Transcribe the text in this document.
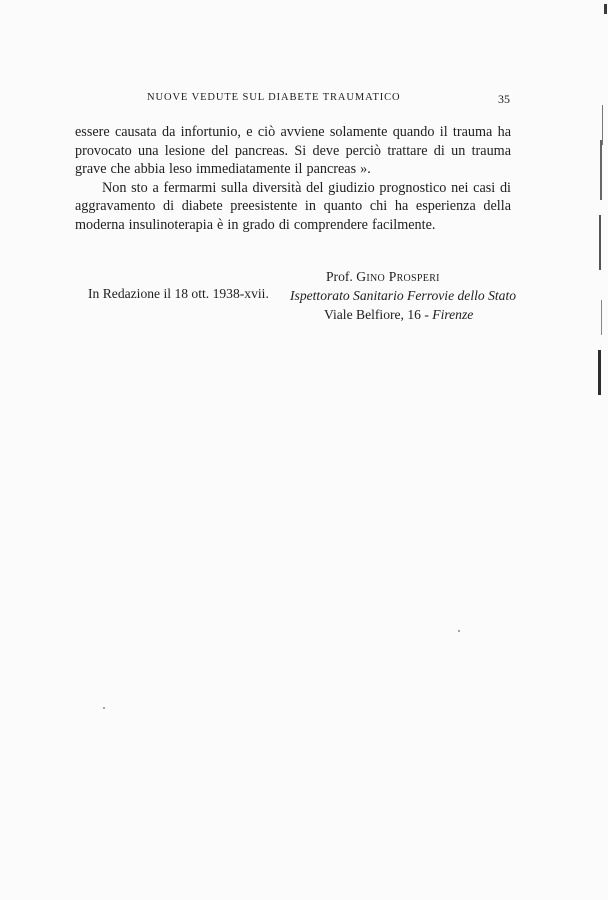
NUOVE VEDUTE SUL DIABETE TRAUMATICO	35

essere causata da infortunio, e ciò avviene solamente quando il trauma ha provocato una lesione del pancreas. Si deve perciò trattare di un trauma grave che abbia leso immediatamente il pancreas ».

Non sto a fermarmi sulla diversità del giudizio prognostico nei casi di aggravamento di diabete preesistente in quanto chi ha esperienza della moderna insulinoterapia è in grado di comprendere facilmente.

In Redazione il 18 ott. 1938-xvii.
Prof. Gino Prosperi
Ispettorato Sanitario Ferrovie dello Stato
Viale Belfiore, 16 - Firenze
